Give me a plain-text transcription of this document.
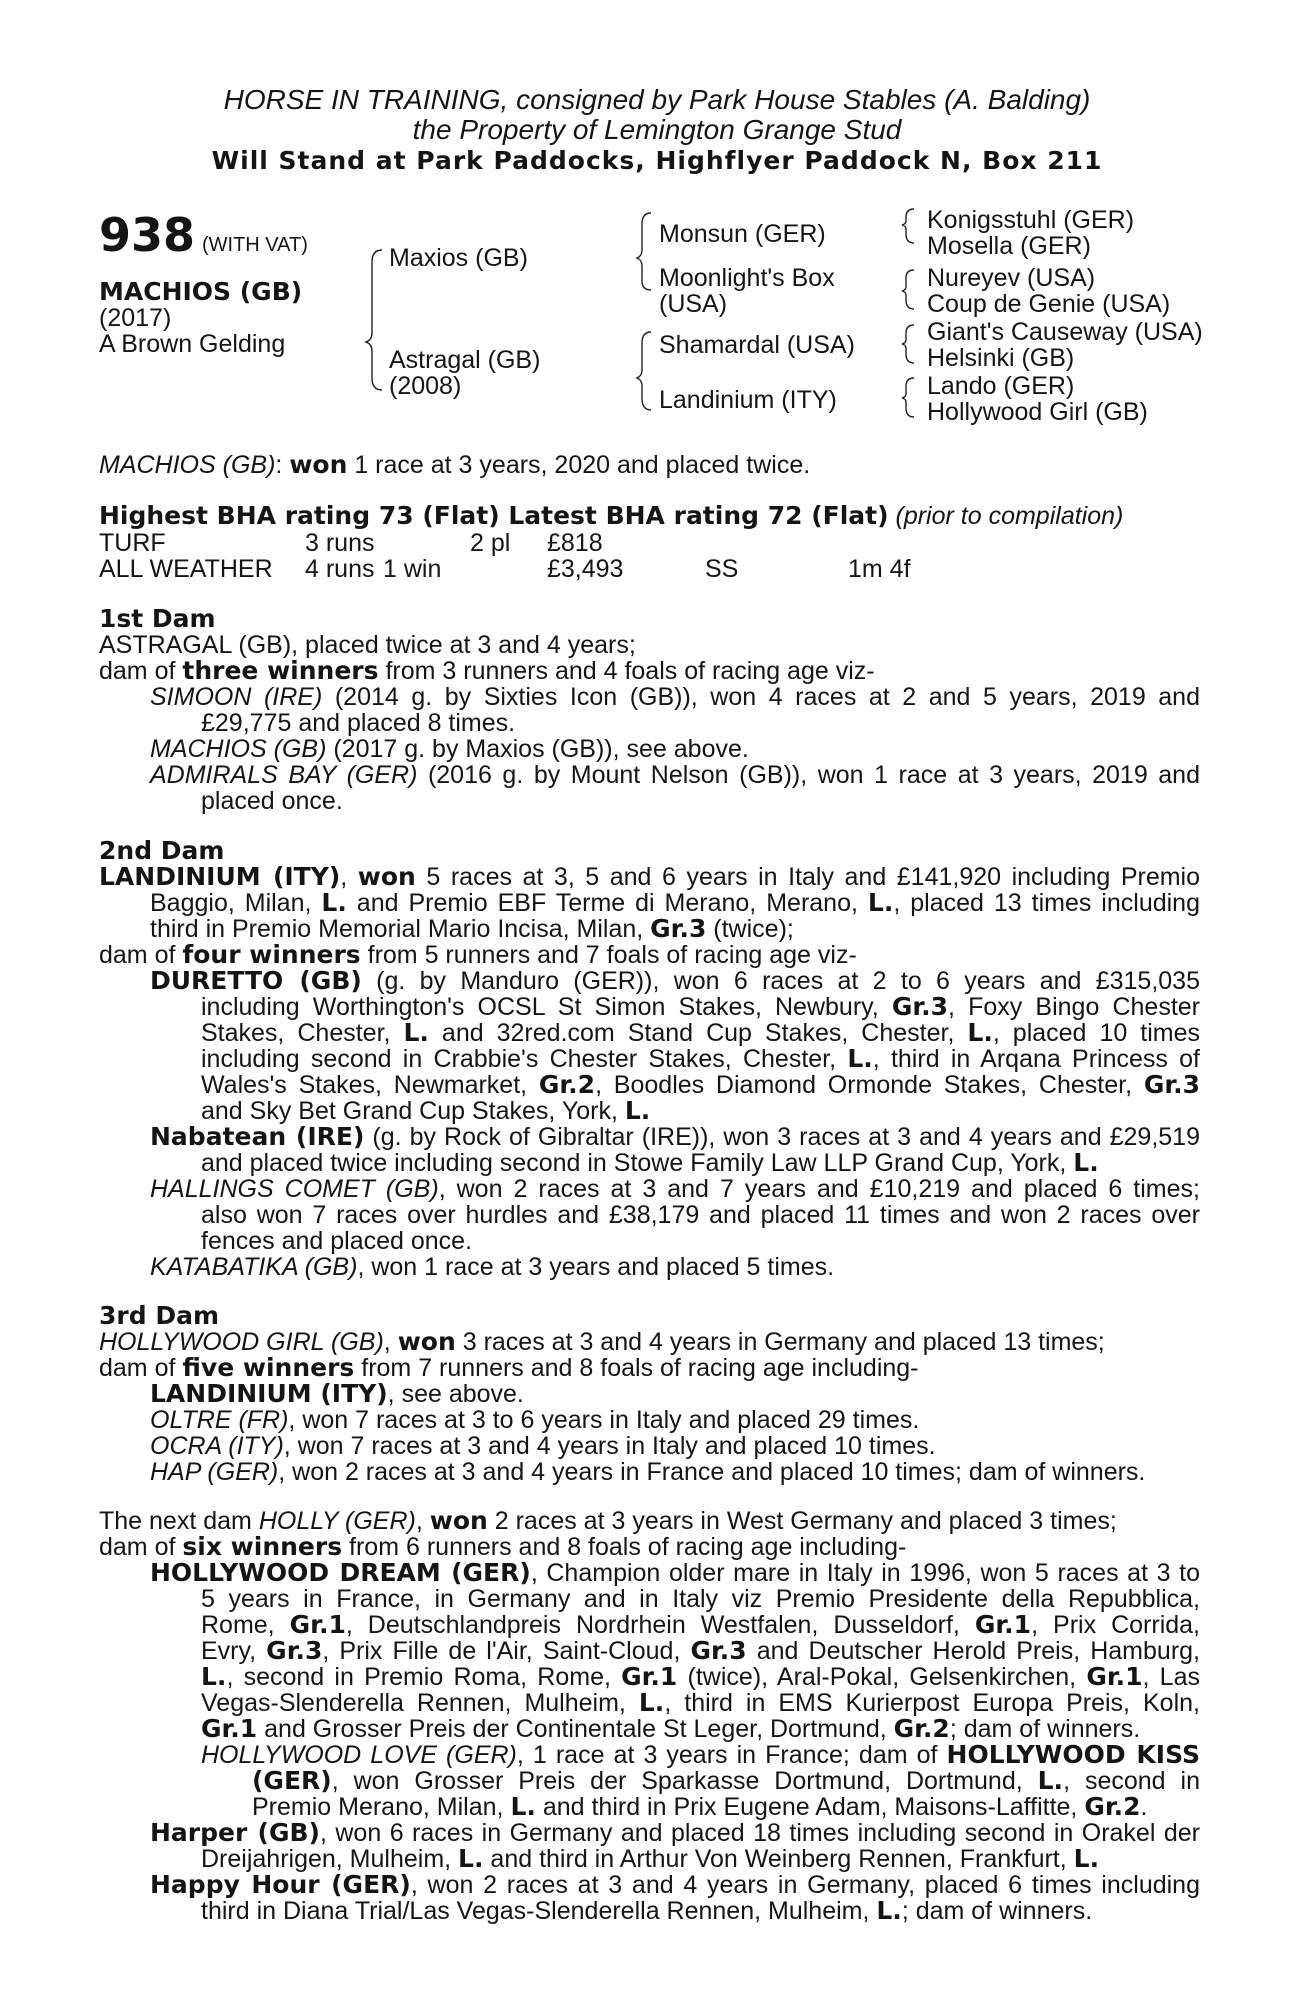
HORSE IN TRAINING, consigned by Park House Stables (A. Balding)
the Property of Lemington Grange Stud
Will Stand at Park Paddocks, Highflyer Paddock N, Box 211
938 (WITH VAT)
MACHIOS (GB)
(2017)
A Brown Gelding
Maxios (GB)
Astragal (GB)
(2008)
Monsun (GER)
Moonlight's Box
(USA)
Shamardal (USA)
Landinium (ITY)
Konigsstuhl (GER)
Mosella (GER)
Nureyev (USA)
Coup de Genie (USA)
Giant's Causeway (USA)
Helsinki (GB)
Lando (GER)
Hollywood Girl (GB)
MACHIOS (GB): won 1 race at 3 years, 2020 and placed twice.
Highest BHA rating 73 (Flat) Latest BHA rating 72 (Flat) (prior to compilation)
TURF	3 runs	2 pl £818
ALL WEATHER 4 runs 1 win	£3,493	SS	1m 4f
1st Dam
ASTRAGAL (GB), placed twice at 3 and 4 years;
dam of three winners from 3 runners and 4 foals of racing age viz-
SIMOON (IRE) (2014 g. by Sixties Icon (GB)), won 4 races at 2 and 5 years, 2019 and
£29,775 and placed 8 times.
MACHIOS (GB) (2017 g. by Maxios (GB)), see above.
ADMIRALS BAY (GER) (2016 g. by Mount Nelson (GB)), won 1 race at 3 years, 2019 and
placed once.
2nd Dam
LANDINIUM (ITY), won 5 races at 3, 5 and 6 years in Italy and £141,920 including Premio
Baggio, Milan, L. and Premio EBF Terme di Merano, Merano, L., placed 13 times including
third in Premio Memorial Mario Incisa, Milan, Gr.3 (twice);
dam of four winners from 5 runners and 7 foals of racing age viz-
DURETTO (GB) (g. by Manduro (GER)), won 6 races at 2 to 6 years and £315,035
including Worthington's OCSL St Simon Stakes, Newbury, Gr.3, Foxy Bingo Chester
Stakes, Chester, L. and 32red.com Stand Cup Stakes, Chester, L., placed 10 times
including second in Crabbie's Chester Stakes, Chester, L., third in Arqana Princess of
Wales's Stakes, Newmarket, Gr.2, Boodles Diamond Ormonde Stakes, Chester, Gr.3
and Sky Bet Grand Cup Stakes, York, L.
Nabatean (IRE) (g. by Rock of Gibraltar (IRE)), won 3 races at 3 and 4 years and £29,519
and placed twice including second in Stowe Family Law LLP Grand Cup, York, L.
HALLINGS COMET (GB), won 2 races at 3 and 7 years and £10,219 and placed 6 times;
also won 7 races over hurdles and £38,179 and placed 11 times and won 2 races over
fences and placed once.
KATABATIKA (GB), won 1 race at 3 years and placed 5 times.
3rd Dam
HOLLYWOOD GIRL (GB), won 3 races at 3 and 4 years in Germany and placed 13 times;
dam of five winners from 7 runners and 8 foals of racing age including-
LANDINIUM (ITY), see above.
OLTRE (FR), won 7 races at 3 to 6 years in Italy and placed 29 times.
OCRA (ITY), won 7 races at 3 and 4 years in Italy and placed 10 times.
HAP (GER), won 2 races at 3 and 4 years in France and placed 10 times; dam of winners.
The next dam HOLLY (GER), won 2 races at 3 years in West Germany and placed 3 times;
dam of six winners from 6 runners and 8 foals of racing age including-
HOLLYWOOD DREAM (GER), Champion older mare in Italy in 1996, won 5 races at 3 to
5 years in France, in Germany and in Italy viz Premio Presidente della Repubblica,
Rome, Gr.1, Deutschlandpreis Nordrhein Westfalen, Dusseldorf, Gr.1, Prix Corrida,
Evry, Gr.3, Prix Fille de l'Air, Saint-Cloud, Gr.3 and Deutscher Herold Preis, Hamburg,
L., second in Premio Roma, Rome, Gr.1 (twice), Aral-Pokal, Gelsenkirchen, Gr.1, Las
Vegas-Slenderella Rennen, Mulheim, L., third in EMS Kurierpost Europa Preis, Koln,
Gr.1 and Grosser Preis der Continentale St Leger, Dortmund, Gr.2; dam of winners.
HOLLYWOOD LOVE (GER), 1 race at 3 years in France; dam of HOLLYWOOD KISS
(GER), won Grosser Preis der Sparkasse Dortmund, Dortmund, L., second in
Premio Merano, Milan, L. and third in Prix Eugene Adam, Maisons-Laffitte, Gr.2.
Harper (GB), won 6 races in Germany and placed 18 times including second in Orakel der
Dreijahrigen, Mulheim, L. and third in Arthur Von Weinberg Rennen, Frankfurt, L.
Happy Hour (GER), won 2 races at 3 and 4 years in Germany, placed 6 times including
third in Diana Trial/Las Vegas-Slenderella Rennen, Mulheim, L.; dam of winners.
